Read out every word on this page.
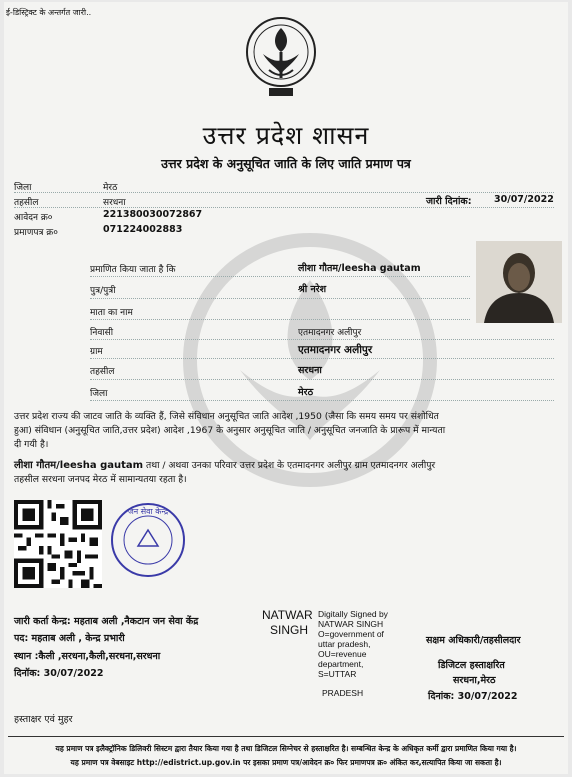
ई-डिस्ट्रिक्ट के अन्तर्गत जारी..
उत्तर प्रदेश शासन
उत्तर प्रदेश के अनुसूचित जाति के लिए जाति प्रमाण पत्र
जिला	मेरठ
तहसील	सरधना
आवेदन क्र०	221380030072867
प्रमाणपत्र क्र०	071224002883
जारी दिनांक: 30/07/2022
प्रमाणित किया जाता है कि	लीशा गौतम/leesha gautam
पुत्र/पुत्री	श्री नरेश
माता का नाम
निवासी	एतमादनगर अलीपुर
ग्राम	एतमादनगर अलीपुर
तहसील	सरधना
जिला	मेरठ
उत्तर प्रदेश राज्य की जाटव जाति के व्यक्ति हैं, जिसे संविधान अनुसूचित जाति आदेश ,1950 (जैसा कि समय समय पर संशोधित
हुआ) संविधान (अनुसूचित जाति,उत्तर प्रदेश) आदेश ,1967 के अनुसार अनुसूचित जाति / अनुसूचित जनजाति के प्रारूप में मान्यता
दी गयी है।
लीशा गौतम/leesha gautam तथा / अथवा उनका परिवार उत्तर प्रदेश के एतमादनगर अलीपुर ग्राम एतमादनगर अलीपुर
तहसील सरधना जनपद मेरठ में सामान्यतया रहता है।
जन सेवा केन्द्र
जारी कर्ता केन्द्र: महताब अली ,नैकटान जन सेवा केंद्र
पद: महताब अली , केन्द्र प्रभारी
स्थान :कैली ,सरधना,कैली,सरधना,सरधना
दिनॉक: 30/07/2022
NATWAR
SINGH
Digitally Signed by
NATWAR SINGH
O=government of
uttar pradesh,
OU=revenue
department,
S=UTTAR
PRADESH
सक्षम अधिकारी/तहसीलदार
डिजिटल हस्ताक्षरित
सरधना,मेरठ
दिनांक: 30/07/2022
हस्ताक्षर एवं मुहर
यह प्रमाण पत्र इलैक्ट्रॉनिक डिलिवरी सिस्टम द्वारा तैयार किया गया है तथा डिजिटल सिग्नेचर से हस्ताक्षरित है। सम्बन्धित केन्द्र के अधिकृत कर्मी द्वारा प्रमाणित किया गया है।
यह प्रमाण पत्र वेबसाइट http://edistrict.up.gov.in पर इसका प्रमाण पत्र/आवेदन क्र० फिर प्रमाणपत्र क्र० अंकित कर,सत्यापित किया जा सकता है।
